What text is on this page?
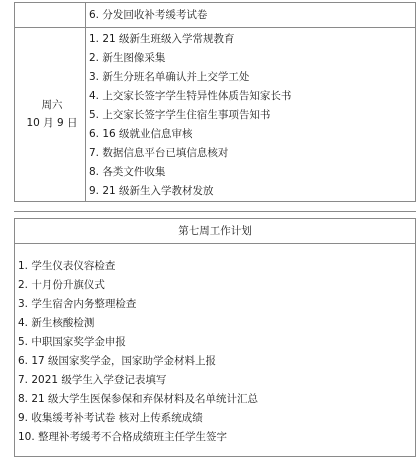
6. 分发回收补考缓考试卷
周六
10 月 9 日
1. 21 级新生班级入学常规教育
2. 新生图像采集
3. 新生分班名单确认并上交学工处
4. 上交家长签字学生特异性体质告知家长书
5. 上交家长签字学生住宿生事项告知书
6. 16 级就业信息审核
7. 数据信息平台已填信息核对
8. 各类文件收集
9. 21 级新生入学教材发放
第七周工作计划
1. 学生仪表仪容检查
2. 十月份升旗仪式
3. 学生宿舍内务整理检查
4. 新生核酸检测
5. 中职国家奖学金申报
6. 17 级国家奖学金，国家助学金材料上报
7. 2021 级学生入学登记表填写
8. 21 级大学生医保参保和弃保材料及名单统计汇总
9. 收集缓考补考试卷 核对上传系统成绩
10. 整理补考缓考不合格成绩班主任学生签字
